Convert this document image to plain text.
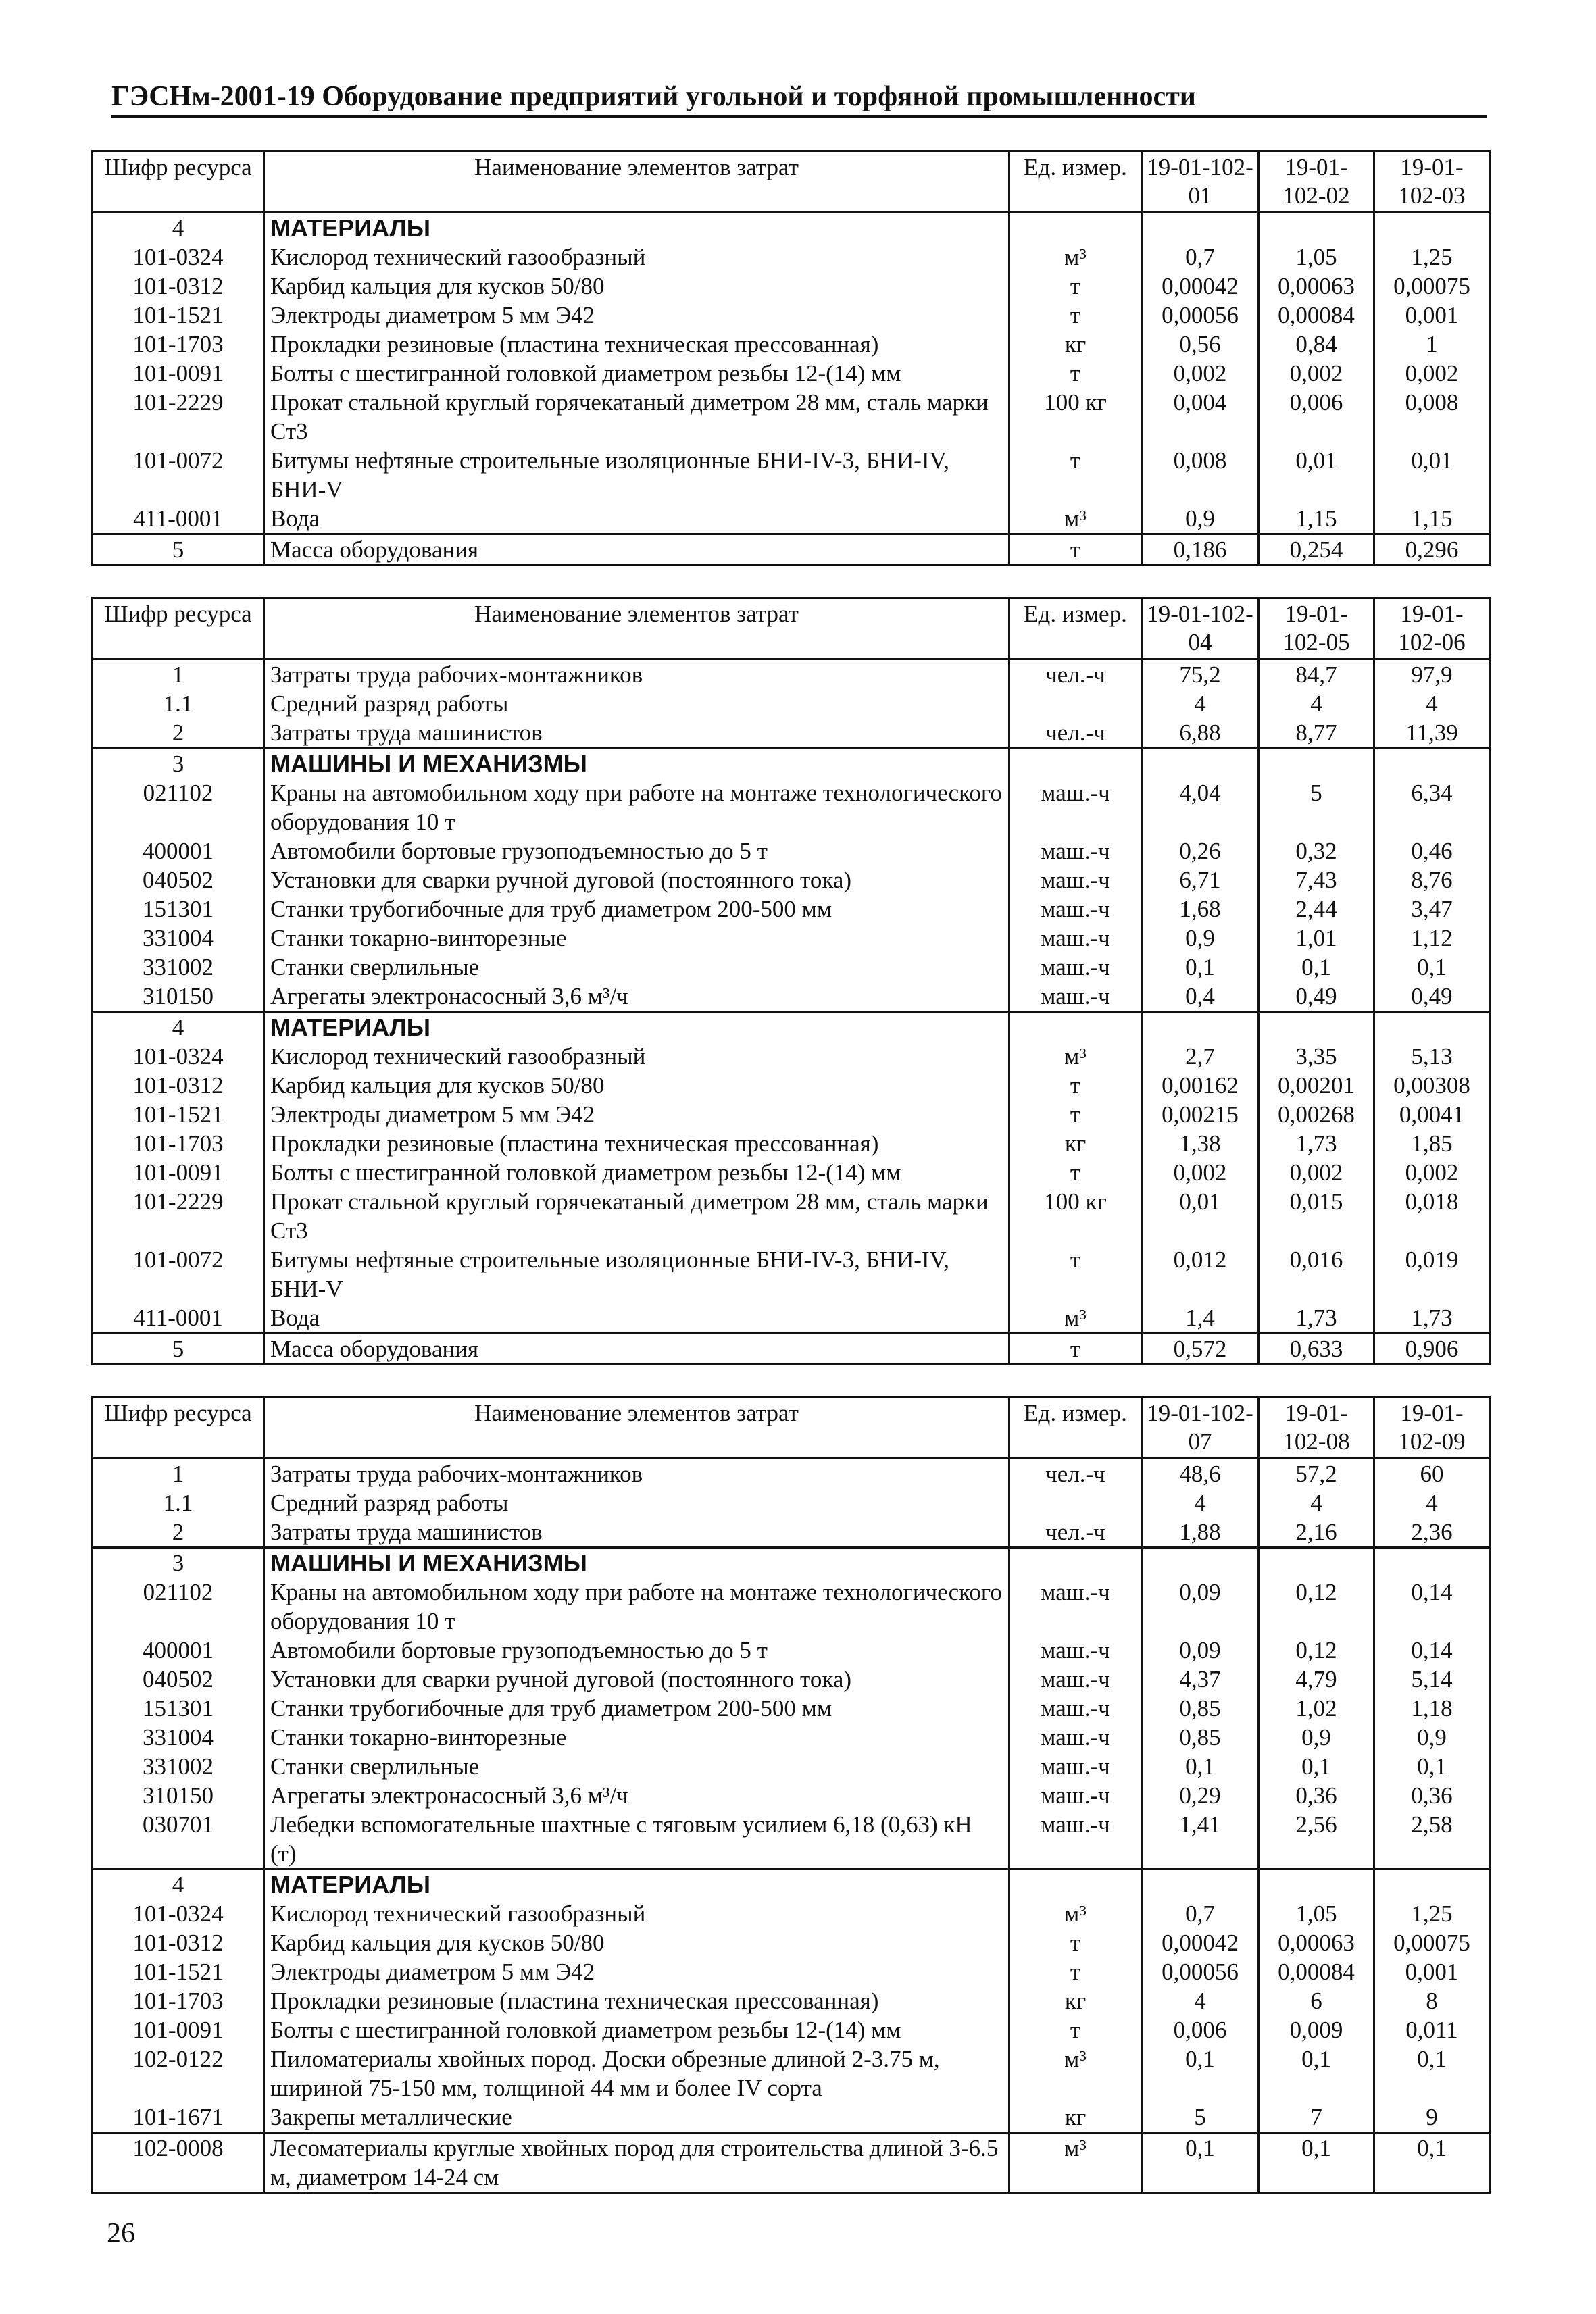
ГЭСНм-2001-19 Оборудование предприятий угольной и торфяной промышленности
Шифр ресурса	Наименование элементов затрат	Ед. измер.	19-01-102-01	19-01-102-02	19-01-102-03
4	МАТЕРИАЛЫ				
101-0324	Кислород технический газообразный	м³	0,7	1,05	1,25
101-0312	Карбид кальция для кусков 50/80	т	0,00042	0,00063	0,00075
101-1521	Электроды диаметром 5 мм Э42	т	0,00056	0,00084	0,001
101-1703	Прокладки резиновые (пластина техническая прессованная)	кг	0,56	0,84	1
101-0091	Болты с шестигранной головкой диаметром резьбы 12-(14) мм	т	0,002	0,002	0,002
101-2229	Прокат стальной круглый горячекатаный диметром 28 мм, сталь марки Ст3	100 кг	0,004	0,006	0,008
101-0072	Битумы нефтяные строительные изоляционные БНИ-IV-3, БНИ-IV, БНИ-V	т	0,008	0,01	0,01
411-0001	Вода	м³	0,9	1,15	1,15
5	Масса оборудования	т	0,186	0,254	0,296
Шифр ресурса	Наименование элементов затрат	Ед. измер.	19-01-102-04	19-01-102-05	19-01-102-06
1	Затраты труда рабочих-монтажников	чел.-ч	75,2	84,7	97,9
1.1	Средний разряд работы		4	4	4
2	Затраты труда машинистов	чел.-ч	6,88	8,77	11,39
3	МАШИНЫ И МЕХАНИЗМЫ				
021102	Краны на автомобильном ходу при работе на монтаже технологического оборудования 10 т	маш.-ч	4,04	5	6,34
400001	Автомобили бортовые грузоподъемностью до 5 т	маш.-ч	0,26	0,32	0,46
040502	Установки для сварки ручной дуговой (постоянного тока)	маш.-ч	6,71	7,43	8,76
151301	Станки трубогибочные для труб диаметром 200-500 мм	маш.-ч	1,68	2,44	3,47
331004	Станки токарно-винторезные	маш.-ч	0,9	1,01	1,12
331002	Станки сверлильные	маш.-ч	0,1	0,1	0,1
310150	Агрегаты электронасосный 3,6 м³/ч	маш.-ч	0,4	0,49	0,49
4	МАТЕРИАЛЫ				
101-0324	Кислород технический газообразный	м³	2,7	3,35	5,13
101-0312	Карбид кальция для кусков 50/80	т	0,00162	0,00201	0,00308
101-1521	Электроды диаметром 5 мм Э42	т	0,00215	0,00268	0,0041
101-1703	Прокладки резиновые (пластина техническая прессованная)	кг	1,38	1,73	1,85
101-0091	Болты с шестигранной головкой диаметром резьбы 12-(14) мм	т	0,002	0,002	0,002
101-2229	Прокат стальной круглый горячекатаный диметром 28 мм, сталь марки Ст3	100 кг	0,01	0,015	0,018
101-0072	Битумы нефтяные строительные изоляционные БНИ-IV-3, БНИ-IV, БНИ-V	т	0,012	0,016	0,019
411-0001	Вода	м³	1,4	1,73	1,73
5	Масса оборудования	т	0,572	0,633	0,906
Шифр ресурса	Наименование элементов затрат	Ед. измер.	19-01-102-07	19-01-102-08	19-01-102-09
1	Затраты труда рабочих-монтажников	чел.-ч	48,6	57,2	60
1.1	Средний разряд работы		4	4	4
2	Затраты труда машинистов	чел.-ч	1,88	2,16	2,36
3	МАШИНЫ И МЕХАНИЗМЫ				
021102	Краны на автомобильном ходу при работе на монтаже технологического оборудования 10 т	маш.-ч	0,09	0,12	0,14
400001	Автомобили бортовые грузоподъемностью до 5 т	маш.-ч	0,09	0,12	0,14
040502	Установки для сварки ручной дуговой (постоянного тока)	маш.-ч	4,37	4,79	5,14
151301	Станки трубогибочные для труб диаметром 200-500 мм	маш.-ч	0,85	1,02	1,18
331004	Станки токарно-винторезные	маш.-ч	0,85	0,9	0,9
331002	Станки сверлильные	маш.-ч	0,1	0,1	0,1
310150	Агрегаты электронасосный 3,6 м³/ч	маш.-ч	0,29	0,36	0,36
030701	Лебедки вспомогательные шахтные с тяговым усилием 6,18 (0,63) кН (т)	маш.-ч	1,41	2,56	2,58
4	МАТЕРИАЛЫ				
101-0324	Кислород технический газообразный	м³	0,7	1,05	1,25
101-0312	Карбид кальция для кусков 50/80	т	0,00042	0,00063	0,00075
101-1521	Электроды диаметром 5 мм Э42	т	0,00056	0,00084	0,001
101-1703	Прокладки резиновые (пластина техническая прессованная)	кг	4	6	8
101-0091	Болты с шестигранной головкой диаметром резьбы 12-(14) мм	т	0,006	0,009	0,011
102-0122	Пиломатериалы хвойных пород. Доски обрезные длиной 2-3.75 м, шириной 75-150 мм, толщиной 44 мм и более IV сорта	м³	0,1	0,1	0,1
101-1671	Закрепы металлические	кг	5	7	9
102-0008	Лесоматериалы круглые хвойных пород для строительства длиной 3-6.5 м, диаметром 14-24 см	м³	0,1	0,1	0,1
26
